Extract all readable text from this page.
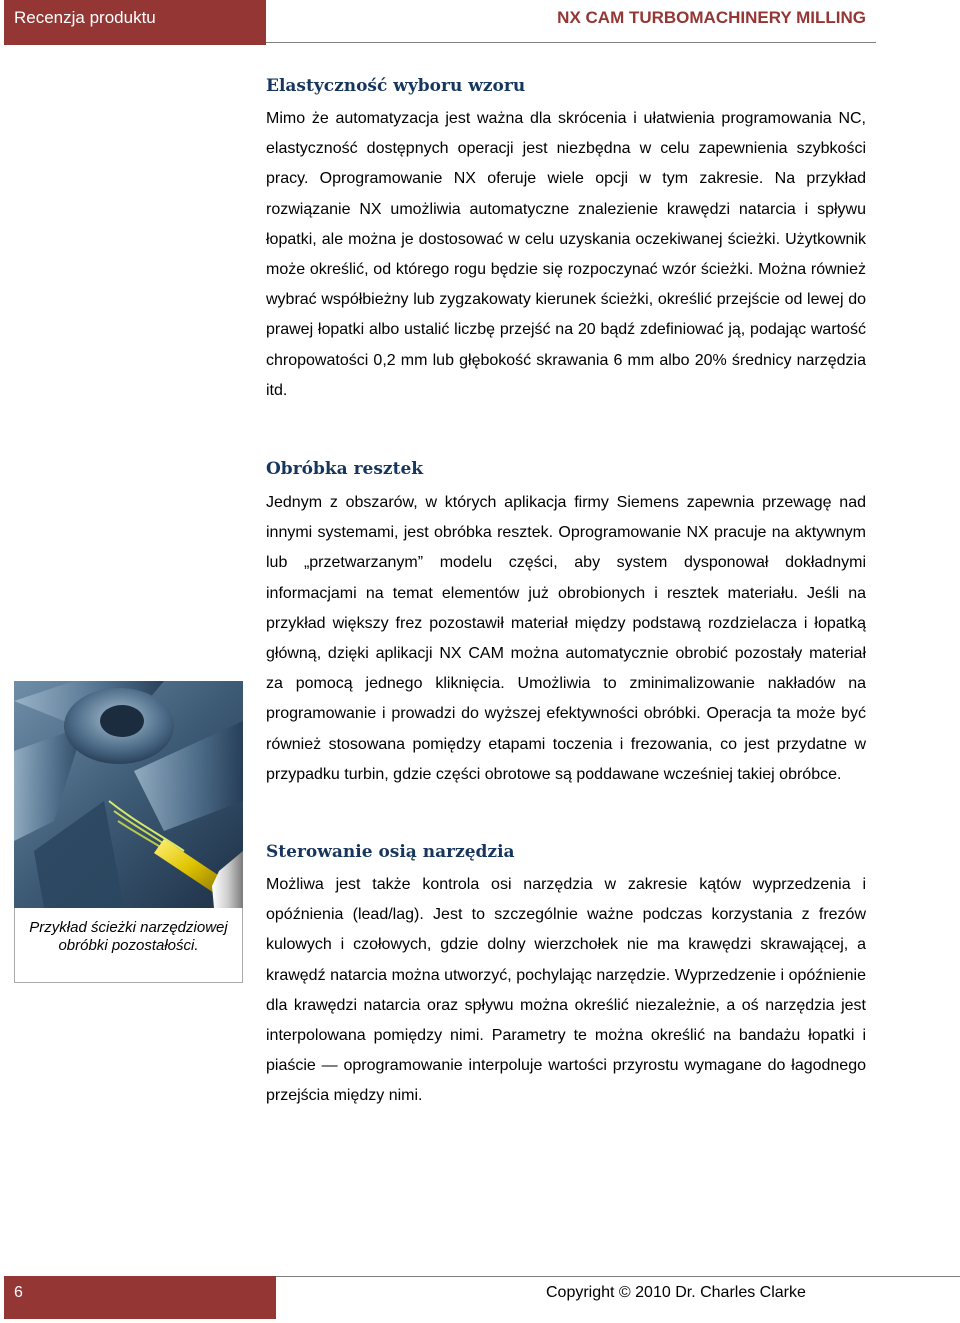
Recenzja produktu	NX CAM TURBOMACHINERY MILLING
Elastyczność wyboru wzoru

Mimo że automatyzacja jest ważna dla skrócenia i ułatwienia programowania NC, elastyczność dostępnych operacji jest niezbędna w celu zapewnienia szybkości pracy. Oprogramowanie NX oferuje wiele opcji w tym zakresie. Na przykład rozwiązanie NX umożliwia automatyczne znalezienie krawędzi natarcia i spływu łopatki, ale można je dostosować w celu uzyskania oczekiwanej ścieżki. Użytkownik może określić, od którego rogu będzie się rozpoczynać wzór ścieżki. Można również wybrać współbieżny lub zygzakowaty kierunek ścieżki, określić przejście od lewej do prawej łopatki albo ustalić liczbę przejść na 20 bądź zdefiniować ją, podając wartość chropowatości 0,2 mm lub głębokość skrawania 6 mm albo 20% średnicy narzędzia itd.

Obróbka resztek

Jednym z obszarów, w których aplikacja firmy Siemens zapewnia przewagę nad innymi systemami, jest obróbka resztek. Oprogramowanie NX pracuje na aktywnym lub „przetwarzanym” modelu części, aby system dysponował dokładnymi informacjami na temat elementów już obrobionych i resztek materiału. Jeśli na przykład większy frez pozostawił materiał między podstawą rozdzielacza i łopatką główną, dzięki aplikacji NX CAM można automatycznie obrobić pozostały materiał za pomocą jednego kliknięcia. Umożliwia to zminimalizowanie nakładów na programowanie i prowadzi do wyższej efektywności obróbki. Operacja ta może być również stosowana pomiędzy etapami toczenia i frezowania, co jest przydatne w przypadku turbin, gdzie części obrotowe są poddawane wcześniej takiej obróbce.

Sterowanie osią narzędzia

Możliwa jest także kontrola osi narzędzia w zakresie kątów wyprzedzenia i opóźnienia (lead/lag). Jest to szczególnie ważne podczas korzystania z frezów kulowych i czołowych, gdzie dolny wierzchołek nie ma krawędzi skrawającej, a krawędź natarcia można utworzyć, pochylając narzędzie. Wyprzedzenie i opóźnienie dla krawędzi natarcia oraz spływu można określić niezależnie, a oś narzędzia jest interpolowana pomiędzy nimi. Parametry te można określić na bandażu łopatki i piaście — oprogramowanie interpoluje wartości przyrostu wymagane do łagodnego przejścia między nimi.

Przykład ścieżki narzędziowej obróbki pozostałości.

6	Copyright © 2010 Dr. Charles Clarke
